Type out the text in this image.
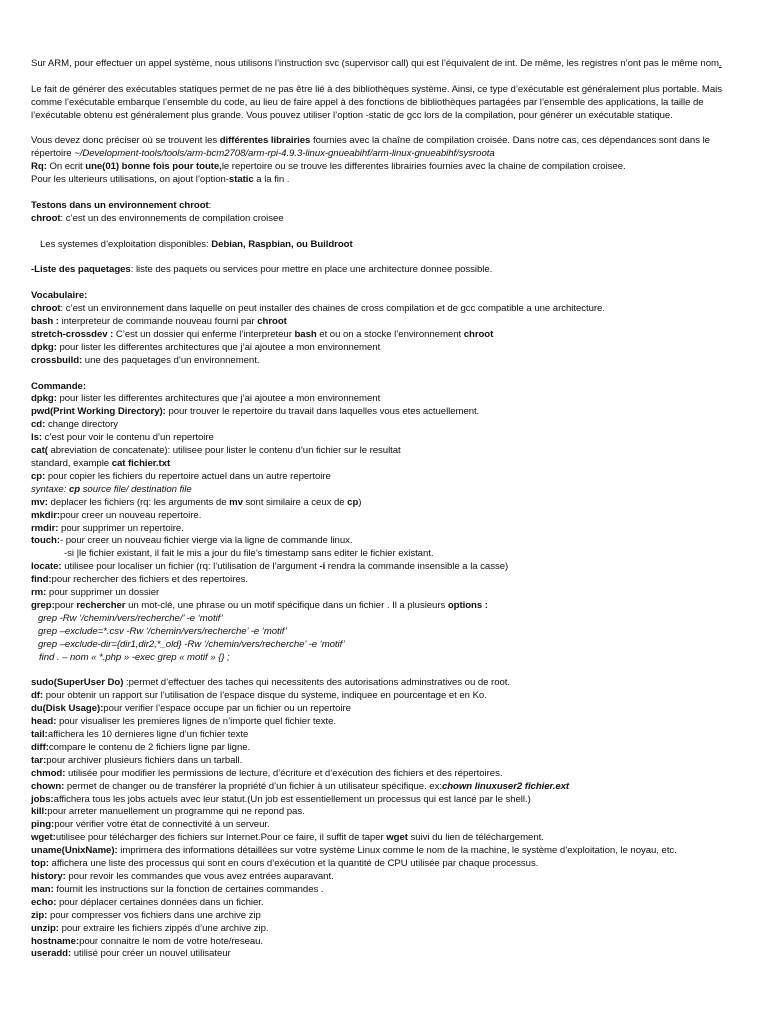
Sur ARM, pour effectuer un appel système, nous utilisons l’instruction svc (supervisor call) qui est l’équivalent de int. De même, les registres n’ont pas le même nom.

Le fait de générer des exécutables statiques permet de ne pas être lié à des bibliothèques système. Ainsi, ce type d’exécutable est généralement plus portable. Mais comme l’exécutable embarque l’ensemble du code, au lieu de faire appel à des fonctions de bibliothèques partagées par l’ensemble des applications, la taille de l’exécutable obtenu est généralement plus grande. Vous pouvez utiliser l’option -static de gcc lors de la compilation, pour générer un exécutable statique.

Vous devez donc préciser où se trouvent les différentes librairies fournies avec la chaîne de compilation croisée. Dans notre cas, ces dépendances sont dans le répertoire ~/Development-tools/tools/arm-bcm2708/arm-rpi-4.9.3-linux-gnueabihf/arm-linux-gnueabihf/sysroota

Rq: On ecrit une(01) bonne fois pour toute,le repertoire ou se trouve les differentes librairies fournies avec la chaine de compilation croisee.

Pour les ulterieurs utilisations, on ajout l’option-static a la fin .

Testons dans un environnement chroot:

chroot: c’est un des environnements de compilation croisee

Les systemes d’exploitation disponibles: Debian, Raspbian, ou Buildroot

-Liste des paquetages: liste des paquets ou services pour mettre en place une architecture donnee possible.

Vocabulaire:

chroot: c’est un environnement dans laquelle on peut installer des chaines de cross compilation et de gcc compatible a une architecture.

bash : interpreteur de commande nouveau fourni par chroot

stretch-crossdev : C’est un dossier qui enferme l’interpreteur bash et ou on a stocke l’environnement chroot

dpkg: pour lister les differentes architectures que j’ai ajoutee a mon environnement

crossbuild: une des paquetages d’un environnement.

Commande:

dpkg: pour lister les differentes architectures que j’ai ajoutee a mon environnement

pwd(Print Working Directory): pour trouver le repertoire du travail dans laquelles vous etes actuellement.

cd: change directory

ls: c’est pour voir le contenu d’un repertoire

cat( abreviation de concatenate): utilisee pour lister le contenu d’un fichier sur le resultat

standard, example cat fichier.txt

cp: pour copier les fichiers du repertoire actuel dans un autre repertoire

syntaxe: cp source file/ destination file

mv: deplacer les fichiers (rq: les arguments de mv sont similaire a ceux de cp)

mkdir:pour creer un nouveau repertoire.

rmdir: pour supprimer un repertoire.

touch:- pour creer un nouveau fichier vierge via la ligne de commande linux.

-si |le fichier existant, il fait le mis a jour du file’s timestamp sans editer le fichier existant.

locate: utilisee pour localiser un fichier (rq: l’utilisation de l’argument -i rendra la commande insensible a la casse)

find:pour rechercher des fichiers et des repertoires.

rm: pour supprimer un dossier

grep:pour rechercher un mot-clé, une phrase ou un motif spécifique dans un fichier . Il a plusieurs options :

grep -Rw ‘/chemin/vers/recherche/’ -e ‘motif’

grep –exclude=*.csv -Rw ‘/chemin/vers/recherche’ -e ‘motif’

grep –exclude-dir={dir1,dir2,*_old} -Rw ‘/chemin/vers/recherche’ -e ‘motif’

find . – nom « *.php » -exec grep « motif » {} ;

sudo(SuperUser Do) :permet d’effectuer des taches qui necessitents des autorisations adminstratives ou de root.

df: pour obtenir un rapport sur l’utilisation de l’espace disque du systeme, indiquee en pourcentage et en Ko.

du(Disk Usage):pour verifier l’espace occupe par un fichier ou un repertoire

head: pour visualiser les premieres lignes de n’importe quel fichier texte.

tail:affichera les 10 dernieres ligne d’un fichier texte

diff:compare le contenu de 2 fichiers ligne par ligne.

tar:pour archiver plusieurs fichiers dans un tarball.

chmod: utilisée pour modifier les permissions de lecture, d’écriture et d’exécution des fichiers et des répertoires.

chown: permet de changer ou de transférer la propriété d’un fichier à un utilisateur spécifique. ex:chown linuxuser2 fichier.ext

jobs:affichera tous les jobs actuels avec leur statut.(Un job est essentiellement un processus qui est lancé par le shell.)

kill:pour arreter manuellement un programme qui ne repond pas.

ping:pour vérifier votre état de connectivité à un serveur.

wget:utilisee pour télécharger des fichiers sur Internet.Pour ce faire, il suffit de taper wget suivi du lien de téléchargement.

uname(UnixName): imprimera des informations détaillées sur votre système Linux comme le nom de la machine, le système d’exploitation, le noyau, etc.

top: affichera une liste des processus qui sont en cours d’exécution et la quantité de CPU utilisée par chaque processus.

history: pour revoir les commandes que vous avez entrées auparavant.

man: fournit les instructions sur la fonction de certaines commandes .

echo: pour déplacer certaines données dans un fichier.

zip: pour compresser vos fichiers dans une archive zip

unzip: pour extraire les fichiers zippés d’une archive zip.

hostname:pour connaitre le nom de votre hote/reseau.

useradd: utilisé pour créer un nouvel utilisateur
